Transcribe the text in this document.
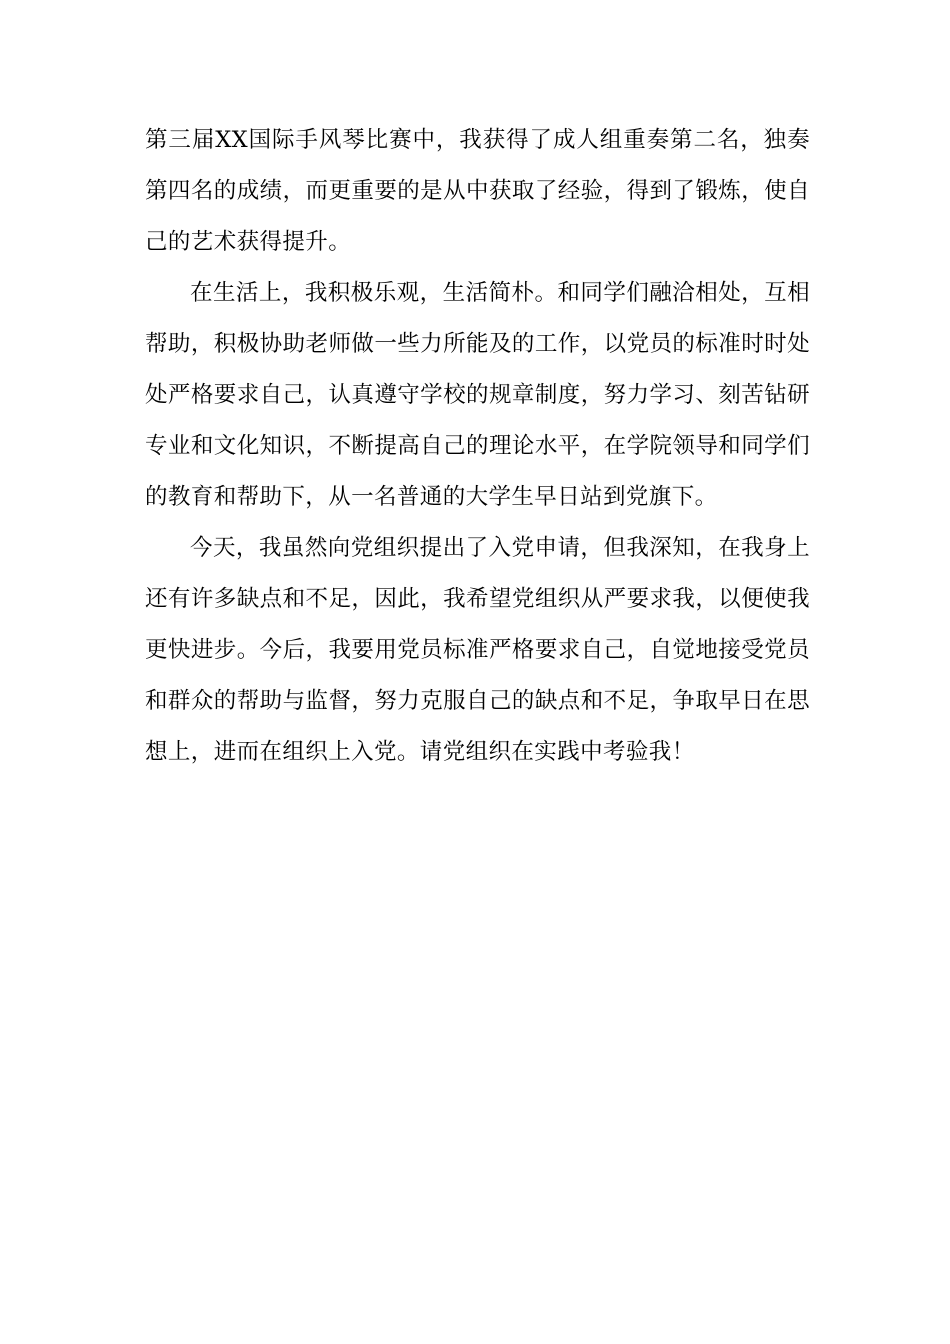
第三届XX国际手风琴比赛中，我获得了成人组重奏第二名，独奏第四名的成绩，而更重要的是从中获取了经验，得到了锻炼，使自己的艺术获得提升。

在生活上，我积极乐观，生活简朴。和同学们融洽相处，互相帮助，积极协助老师做一些力所能及的工作，以党员的标准时时处处严格要求自己，认真遵守学校的规章制度，努力学习、刻苦钻研专业和文化知识，不断提高自己的理论水平，在学院领导和同学们的教育和帮助下，从一名普通的大学生早日站到党旗下。

今天，我虽然向党组织提出了入党申请，但我深知，在我身上还有许多缺点和不足，因此，我希望党组织从严要求我，以便使我更快进步。今后，我要用党员标准严格要求自己，自觉地接受党员和群众的帮助与监督，努力克服自己的缺点和不足，争取早日在思想上，进而在组织上入党。请党组织在实践中考验我！
